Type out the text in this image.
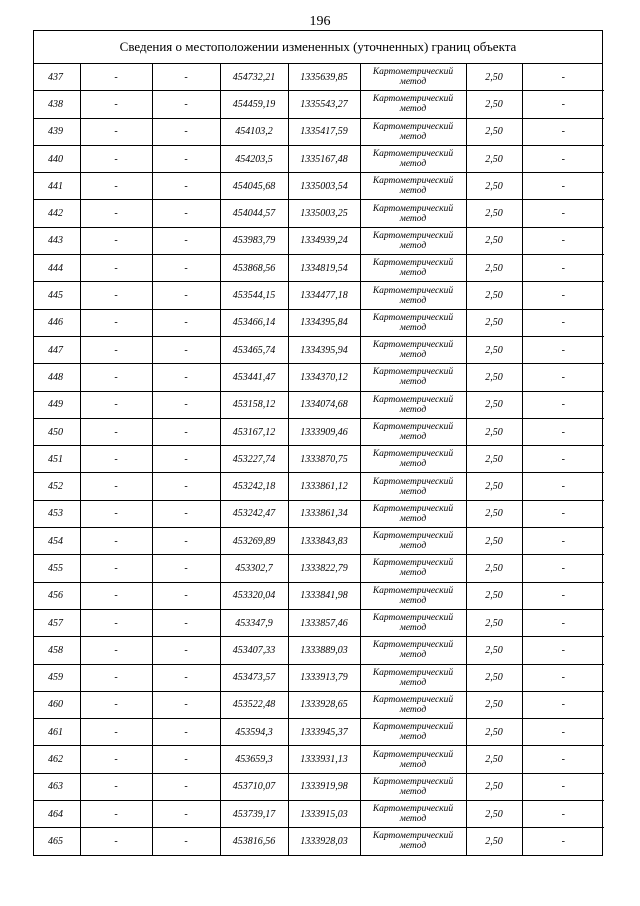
196
Сведения о местоположении измененных (уточненных) границ объекта
437	-	-	454732,21	1335639,85	Картометрический метод	2,50	-
438	-	-	454459,19	1335543,27	Картометрический метод	2,50	-
439	-	-	454103,2	1335417,59	Картометрический метод	2,50	-
440	-	-	454203,5	1335167,48	Картометрический метод	2,50	-
441	-	-	454045,68	1335003,54	Картометрический метод	2,50	-
442	-	-	454044,57	1335003,25	Картометрический метод	2,50	-
443	-	-	453983,79	1334939,24	Картометрический метод	2,50	-
444	-	-	453868,56	1334819,54	Картометрический метод	2,50	-
445	-	-	453544,15	1334477,18	Картометрический метод	2,50	-
446	-	-	453466,14	1334395,84	Картометрический метод	2,50	-
447	-	-	453465,74	1334395,94	Картометрический метод	2,50	-
448	-	-	453441,47	1334370,12	Картометрический метод	2,50	-
449	-	-	453158,12	1334074,68	Картометрический метод	2,50	-
450	-	-	453167,12	1333909,46	Картометрический метод	2,50	-
451	-	-	453227,74	1333870,75	Картометрический метод	2,50	-
452	-	-	453242,18	1333861,12	Картометрический метод	2,50	-
453	-	-	453242,47	1333861,34	Картометрический метод	2,50	-
454	-	-	453269,89	1333843,83	Картометрический метод	2,50	-
455	-	-	453302,7	1333822,79	Картометрический метод	2,50	-
456	-	-	453320,04	1333841,98	Картометрический метод	2,50	-
457	-	-	453347,9	1333857,46	Картометрический метод	2,50	-
458	-	-	453407,33	1333889,03	Картометрический метод	2,50	-
459	-	-	453473,57	1333913,79	Картометрический метод	2,50	-
460	-	-	453522,48	1333928,65	Картометрический метод	2,50	-
461	-	-	453594,3	1333945,37	Картометрический метод	2,50	-
462	-	-	453659,3	1333931,13	Картометрический метод	2,50	-
463	-	-	453710,07	1333919,98	Картометрический метод	2,50	-
464	-	-	453739,17	1333915,03	Картометрический метод	2,50	-
465	-	-	453816,56	1333928,03	Картометрический метод	2,50	-
